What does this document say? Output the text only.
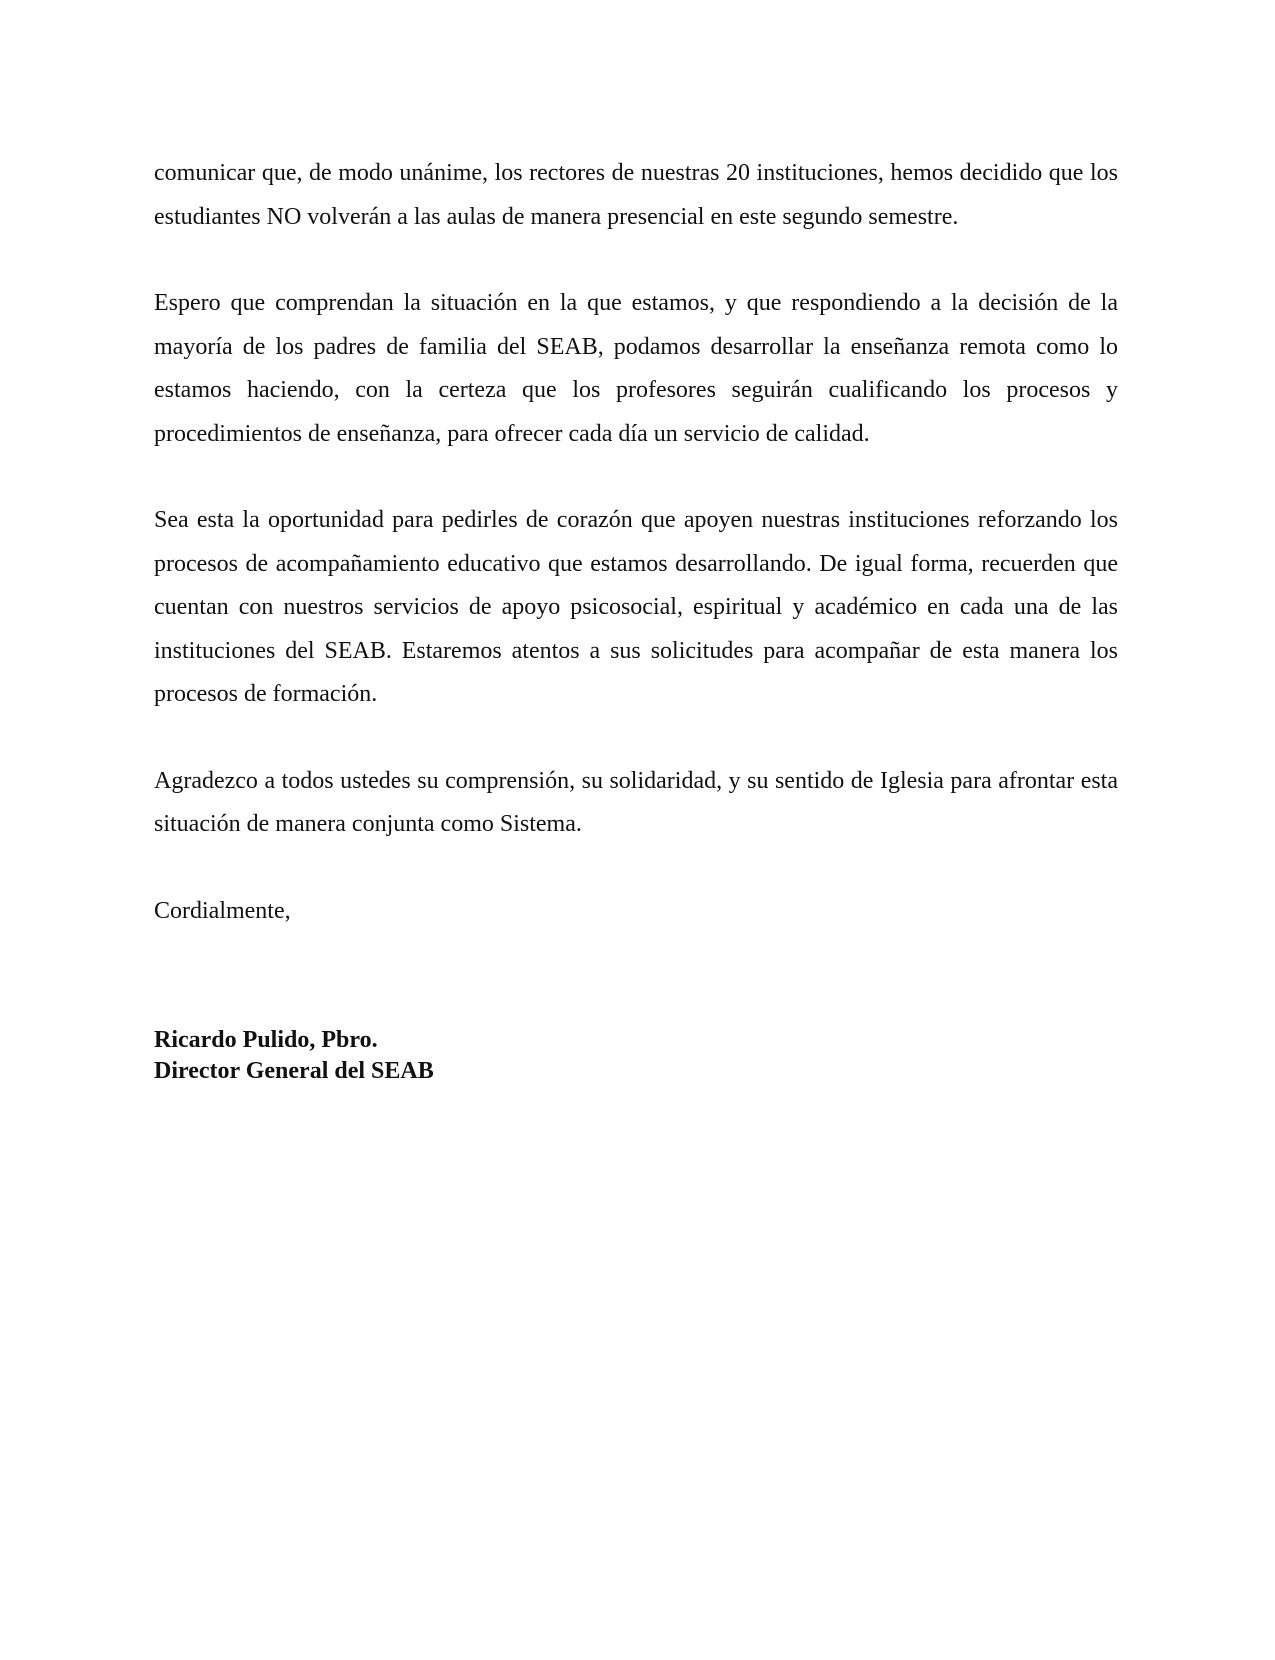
comunicar que, de modo unánime, los rectores de nuestras 20 instituciones, hemos decidido que los estudiantes NO volverán a las aulas de manera presencial en este segundo semestre.

Espero que comprendan la situación en la que estamos, y que respondiendo a la decisión de la mayoría de los padres de familia del SEAB, podamos desarrollar la enseñanza remota como lo estamos haciendo, con la certeza que los profesores seguirán cualificando los procesos y procedimientos de enseñanza, para ofrecer cada día un servicio de calidad.

Sea esta la oportunidad para pedirles de corazón que apoyen nuestras instituciones reforzando los procesos de acompañamiento educativo que estamos desarrollando. De igual forma, recuerden que cuentan con nuestros servicios de apoyo psicosocial, espiritual y académico en cada una de las instituciones del SEAB. Estaremos atentos a sus solicitudes para acompañar de esta manera los procesos de formación.

Agradezco a todos ustedes su comprensión, su solidaridad, y su sentido de Iglesia para afrontar esta situación de manera conjunta como Sistema.

Cordialmente,

Ricardo Pulido, Pbro.
Director General del SEAB
